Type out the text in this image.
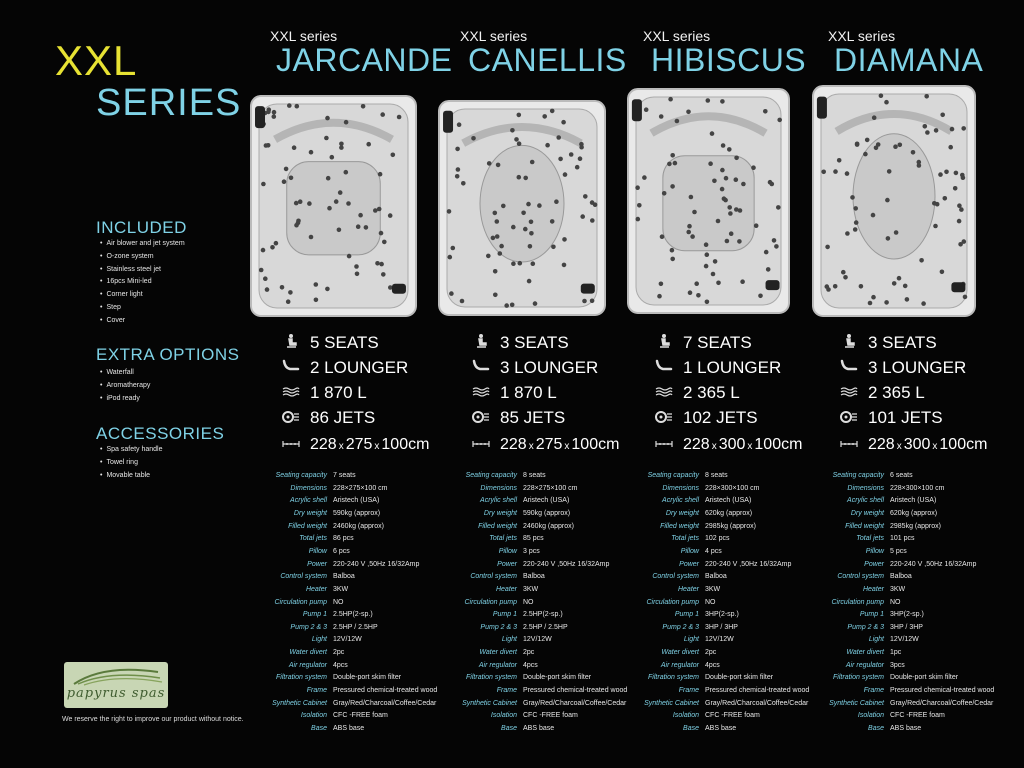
XXL
SERIES
INCLUDED
• Air blower and jet system
• O-zone system
• Stainless steel jet
• 16pcs Mini-led
• Corner light
• Step
• Cover
EXTRA OPTIONS
• Waterfall
• Aromatherapy
• iPod ready
ACCESSORIES
• Spa safety handle
• Towel ring
• Movable table
papyrus spas
We reserve the right to improve our product without notice.
XXL series
JARCANDE
XXL series
CANELLIS
XXL series
HIBISCUS
XXL series
DIAMANA
5 SEATS
2 LOUNGER
1 870 L
86 JETS
228 x 275 x 100cm
Seating capacity 7 seats
Dimensions 228×275×100 cm
Acrylic shell Aristech (USA)
Dry weight 590kg (approx)
Filled weight 2460kg (approx)
Total jets 86 pcs
Pillow 6 pcs
Power 220-240 V ,50Hz 16/32Amp
Control system Balboa
Heater 3KW
Circulation pump NO
Pump 1 2.5HP(2-sp.)
Pump 2 & 3 2.5HP / 2.5HP
Light 12V/12W
Water divert 2pc
Air regulator 4pcs
Filtration system Double-port skim filter
Frame Pressured chemical-treated wood
Synthetic Cabinet Gray/Red/Charcoal/Coffee/Cedar
Isolation CFC -FREE foam
Base ABS base
3 SEATS
3 LOUNGER
1 870 L
85 JETS
228 x 275 x 100cm
Seating capacity 8 seats
Dimensions 228×275×100 cm
Acrylic shell Aristech (USA)
Dry weight 590kg (approx)
Filled weight 2460kg (approx)
Total jets 85 pcs
Pillow 3 pcs
Power 220-240 V ,50Hz 16/32Amp
Control system Balboa
Heater 3KW
Circulation pump NO
Pump 1 2.5HP(2-sp.)
Pump 2 & 3 2.5HP / 2.5HP
Light 12V/12W
Water divert 2pc
Air regulator 4pcs
Filtration system Double-port skim filter
Frame Pressured chemical-treated wood
Synthetic Cabinet Gray/Red/Charcoal/Coffee/Cedar
Isolation CFC -FREE foam
Base ABS base
7 SEATS
1 LOUNGER
2 365 L
102 JETS
228 x 300 x 100cm
Seating capacity 8 seats
Dimensions 228×300×100 cm
Acrylic shell Aristech (USA)
Dry weight 620kg (approx)
Filled weight 2985kg (approx)
Total jets 102 pcs
Pillow 4 pcs
Power 220-240 V ,50Hz 16/32Amp
Control system Balboa
Heater 3KW
Circulation pump NO
Pump 1 3HP(2-sp.)
Pump 2 & 3 3HP / 3HP
Light 12V/12W
Water divert 2pc
Air regulator 4pcs
Filtration system Double-port skim filter
Frame Pressured chemical-treated wood
Synthetic Cabinet Gray/Red/Charcoal/Coffee/Cedar
Isolation CFC -FREE foam
Base ABS base
3 SEATS
3 LOUNGER
2 365 L
101 JETS
228 x 300 x 100cm
Seating capacity 6 seats
Dimensions 228×300×100 cm
Acrylic shell Aristech (USA)
Dry weight 620kg (approx)
Filled weight 2985kg (approx)
Total jets 101 pcs
Pillow 5 pcs
Power 220-240 V ,50Hz 16/32Amp
Control system Balboa
Heater 3KW
Circulation pump NO
Pump 1 3HP(2-sp.)
Pump 2 & 3 3HP / 3HP
Light 12V/12W
Water divert 1pc
Air regulator 3pcs
Filtration system Double-port skim filter
Frame Pressured chemical-treated wood
Synthetic Cabinet Gray/Red/Charcoal/Coffee/Cedar
Isolation CFC -FREE foam
Base ABS base
